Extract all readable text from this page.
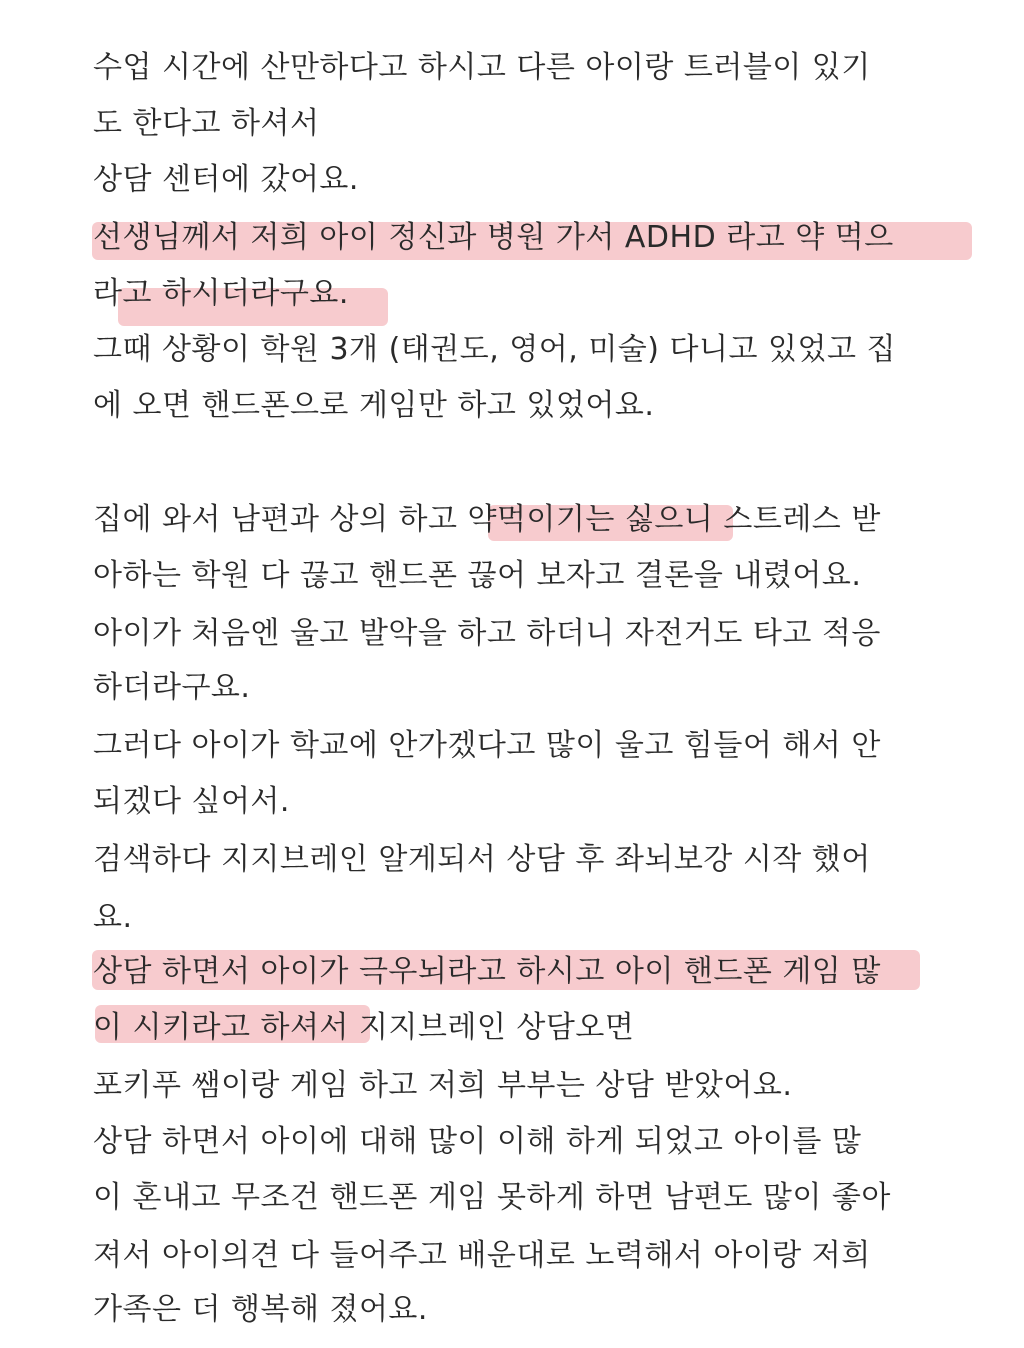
수업 시간에 산만하다고 하시고 다른 아이랑 트러블이 있기

도 한다고 하셔서

상담 센터에 갔어요.

선생님께서 저희 아이 정신과 병원 가서 ADHD 라고 약 먹으

라고 하시더라구요.

그때 상황이 학원 3개 (태권도, 영어, 미술) 다니고 있었고 집

에 오면 핸드폰으로 게임만 하고 있었어요.

집에 와서 남편과 상의 하고 약먹이기는 싫으니 스트레스 받

아하는 학원 다 끊고 핸드폰 끊어 보자고 결론을 내렸어요.

아이가 처음엔 울고 발악을 하고 하더니 자전거도 타고 적응

하더라구요.

그러다 아이가 학교에 안가겠다고 많이 울고 힘들어 해서 안

되겠다 싶어서.

검색하다 지지브레인 알게되서 상담 후 좌뇌보강 시작 했어

요.

상담 하면서 아이가 극우뇌라고 하시고 아이 핸드폰 게임 많

이 시키라고 하셔서 지지브레인 상담오면

포키푸 쌤이랑 게임 하고 저희 부부는 상담 받았어요.

상담 하면서 아이에 대해 많이 이해 하게 되었고 아이를 많

이 혼내고 무조건 핸드폰 게임 못하게 하면 남편도 많이 좋아

져서 아이의견 다 들어주고 배운대로 노력해서 아이랑 저희

가족은 더 행복해 졌어요.
